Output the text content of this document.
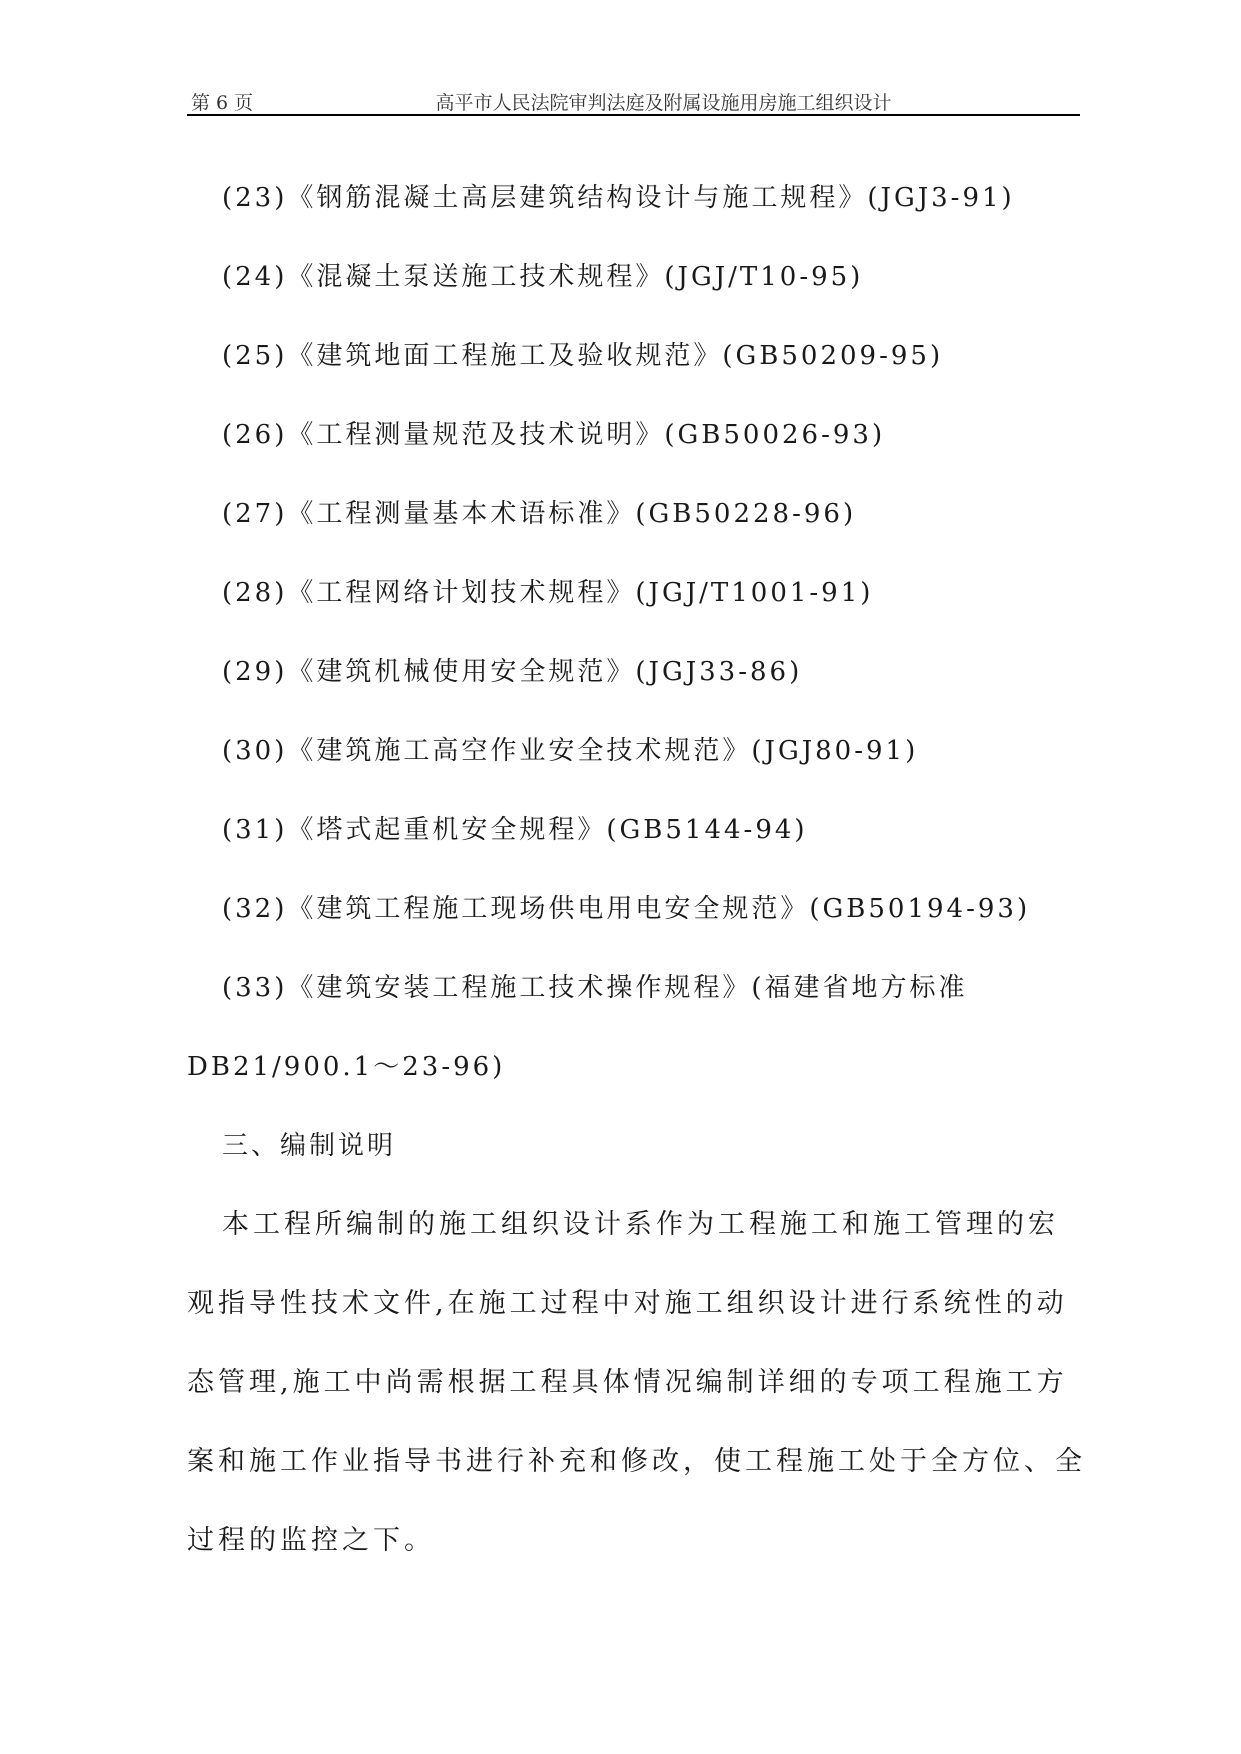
第 6 页	高平市人民法院审判法庭及附属设施用房施工组织设计
(23)《钢筋混凝土高层建筑结构设计与施工规程》(JGJ3-91)
(24)《混凝土泵送施工技术规程》(JGJ/T10-95)
(25)《建筑地面工程施工及验收规范》(GB50209-95)
(26)《工程测量规范及技术说明》(GB50026-93)
(27)《工程测量基本术语标准》(GB50228-96)
(28)《工程网络计划技术规程》(JGJ/T1001-91)
(29)《建筑机械使用安全规范》(JGJ33-86)
(30)《建筑施工高空作业安全技术规范》(JGJ80-91)
(31)《塔式起重机安全规程》(GB5144-94)
(32)《建筑工程施工现场供电用电安全规范》(GB50194-93)
(33)《建筑安装工程施工技术操作规程》(福建省地方标准
DB21/900.1～23-96)
三、编制说明
本工程所编制的施工组织设计系作为工程施工和施工管理的宏
观指导性技术文件,在施工过程中对施工组织设计进行系统性的动
态管理,施工中尚需根据工程具体情况编制详细的专项工程施工方
案和施工作业指导书进行补充和修改，使工程施工处于全方位、全
过程的监控之下。
